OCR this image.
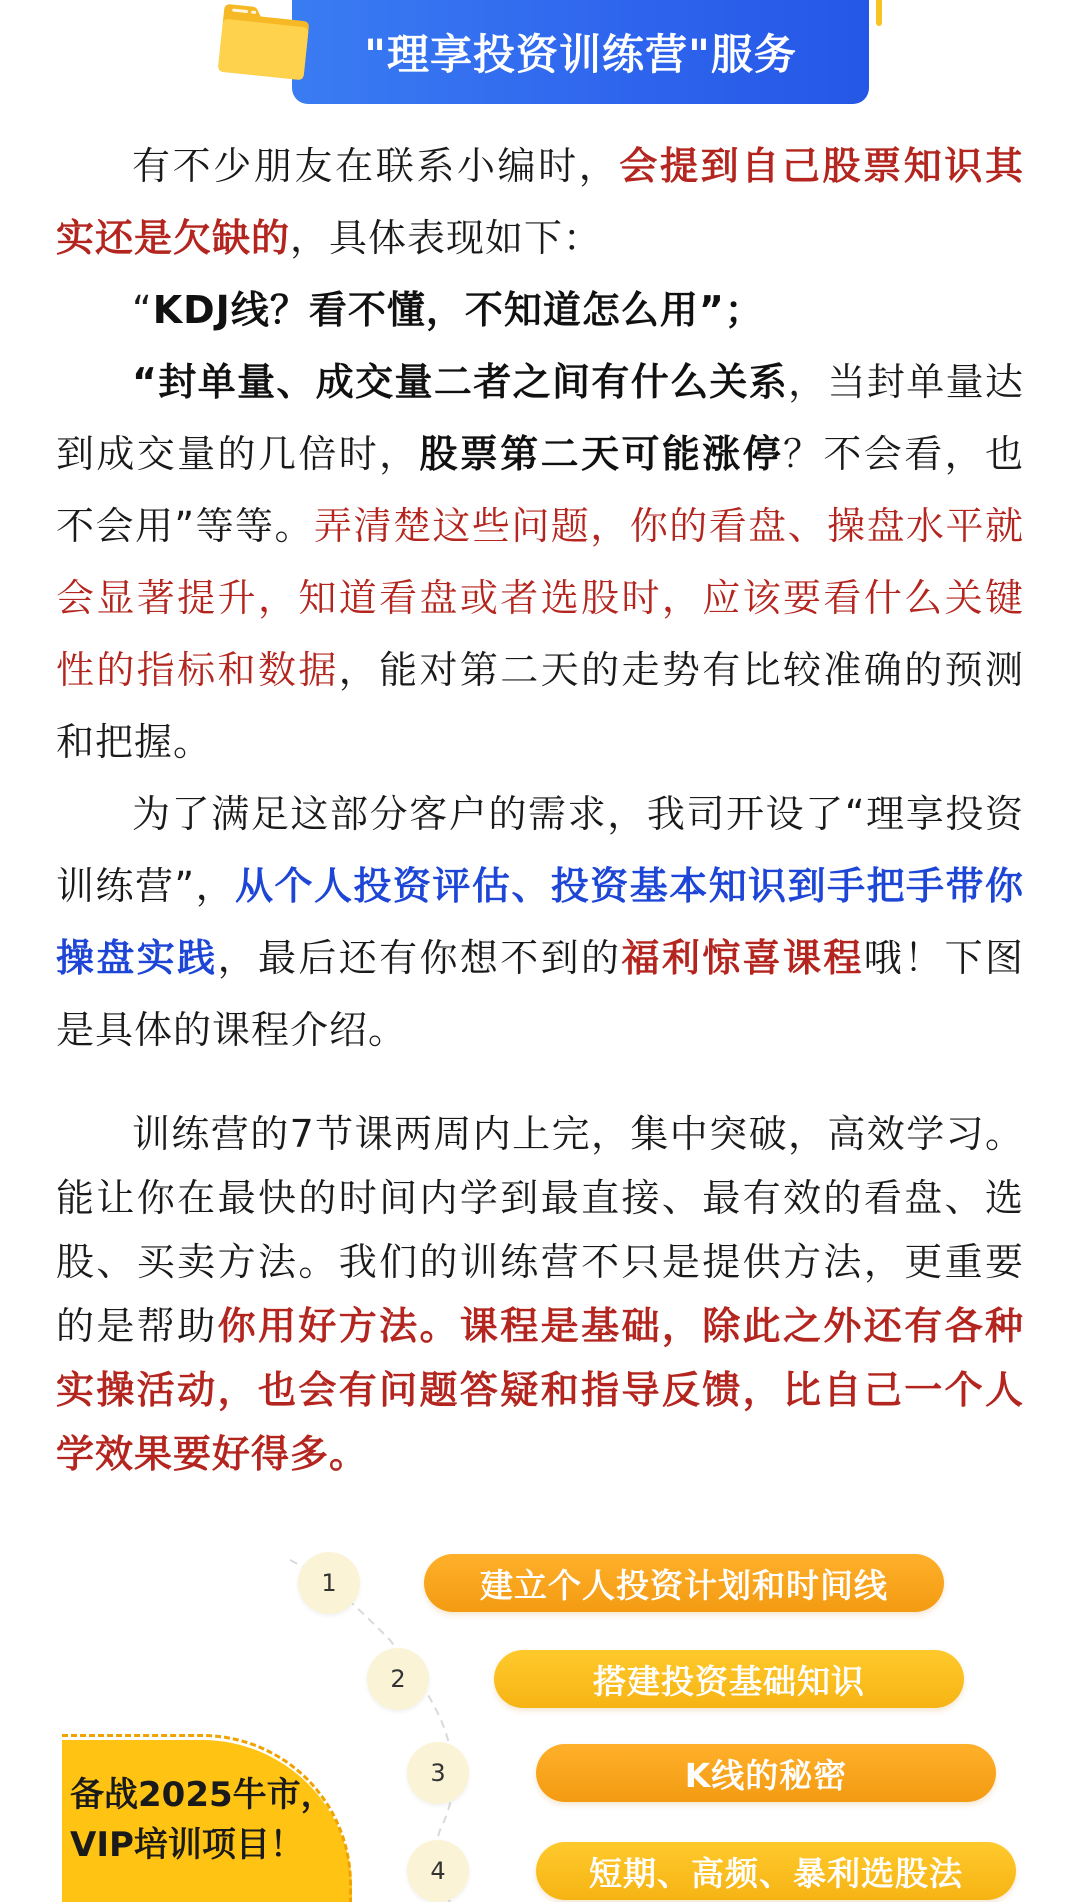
"理享投资训练营"服务

有不少朋友在联系小编时，会提到自己股票知识其实还是欠缺的，具体表现如下：

“KDJ线？看不懂，不知道怎么用”；

“封单量、成交量二者之间有什么关系，当封单量达到成交量的几倍时，股票第二天可能涨停？不会看，也不会用”等等。弄清楚这些问题，你的看盘、操盘水平就会显著提升，知道看盘或者选股时，应该要看什么关键性的指标和数据，能对第二天的走势有比较准确的预测和把握。

为了满足这部分客户的需求，我司开设了“理享投资训练营”，从个人投资评估、投资基本知识到手把手带你操盘实践，最后还有你想不到的福利惊喜课程哦！下图是具体的课程介绍。

训练营的7节课两周内上完，集中突破，高效学习。能让你在最快的时间内学到最直接、最有效的看盘、选股、买卖方法。我们的训练营不只是提供方法，更重要的是帮助你用好方法。课程是基础，除此之外还有各种实操活动，也会有问题答疑和指导反馈，比自己一个人学效果要好得多。

1	建立个人投资计划和时间线
2	搭建投资基础知识
3	K线的秘密
4	短期、高频、暴利选股法
备战2025牛市，
VIP培训项目！
